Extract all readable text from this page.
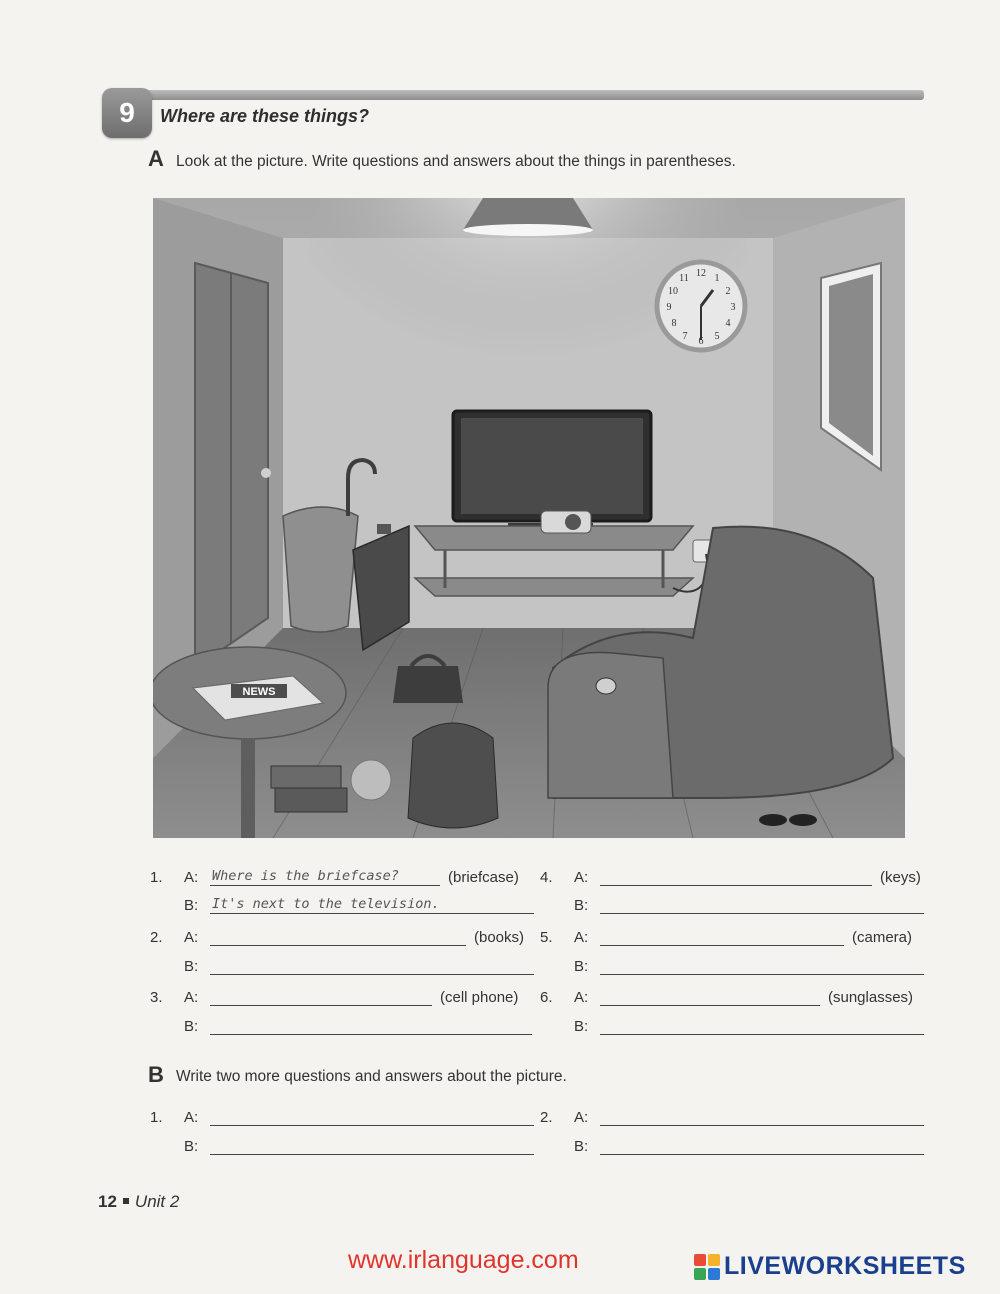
9	Where are these things?
A Look at the picture. Write questions and answers about the things in parentheses.
12 1
2
3
4
5
6
7
8
9
10
11
NEWS
1.	A:	Where is the briefcase?	(briefcase)
B:	It's next to the television.
2.	A:	(books)
B:
3.	A:	(cell phone)
B:
4.	A:	(keys)
B:
5.	A:	(camera)
B:
6.	A:	(sunglasses)
B:
B Write two more questions and answers about the picture.
1.	A:
B:
2.	A:
B:
12 Unit 2
www.irlanguage.com	LIVEWORKSHEETS
